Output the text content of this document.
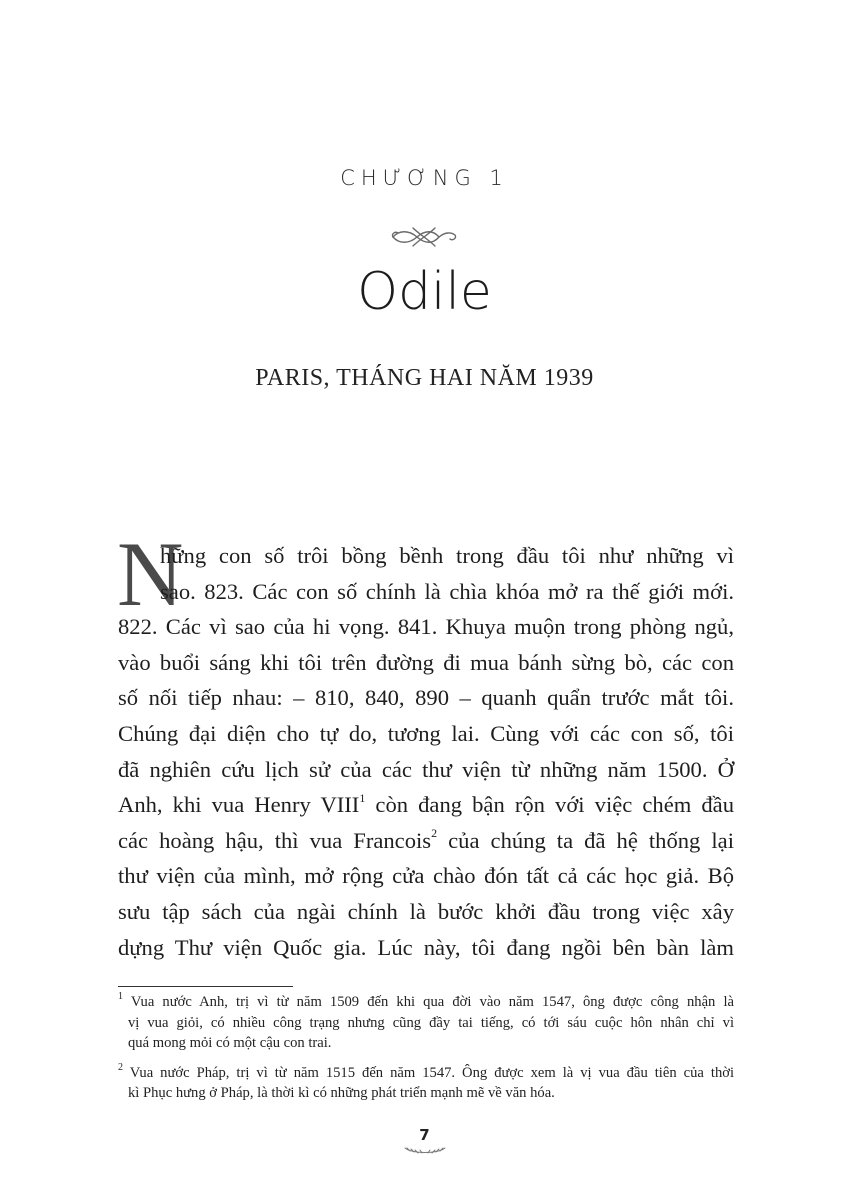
CHƯƠNG 1
Odile
PARIS, THÁNG HAI NĂM 1939
N
hững con số trôi bồng bềnh trong đầu tôi như những vì
sao. 823. Các con số chính là chìa khóa mở ra thế giới mới.
822. Các vì sao của hi vọng. 841. Khuya muộn trong phòng ngủ,
vào buổi sáng khi tôi trên đường đi mua bánh sừng bò, các con
số nối tiếp nhau: – 810, 840, 890 – quanh quẩn trước mắt tôi.
Chúng đại diện cho tự do, tương lai. Cùng với các con số, tôi
đã nghiên cứu lịch sử của các thư viện từ những năm 1500. Ở
Anh, khi vua Henry VIII$^1$ còn đang bận rộn với việc chém đầu
các hoàng hậu, thì vua Francois$^2$ của chúng ta đã hệ thống lại
thư viện của mình, mở rộng cửa chào đón tất cả các học giả. Bộ
sưu tập sách của ngài chính là bước khởi đầu trong việc xây
dựng Thư viện Quốc gia. Lúc này, tôi đang ngồi bên bàn làm
$^1$ Vua nước Anh, trị vì từ năm 1509 đến khi qua đời vào năm 1547, ông được công nhận là
vị vua giỏi, có nhiều công trạng nhưng cũng đầy tai tiếng, có tới sáu cuộc hôn nhân chỉ vì
quá mong mỏi có một cậu con trai.
$^2$ Vua nước Pháp, trị vì từ năm 1515 đến năm 1547. Ông được xem là vị vua đầu tiên của thời
kì Phục hưng ở Pháp, là thời kì có những phát triển mạnh mẽ về văn hóa.
7
